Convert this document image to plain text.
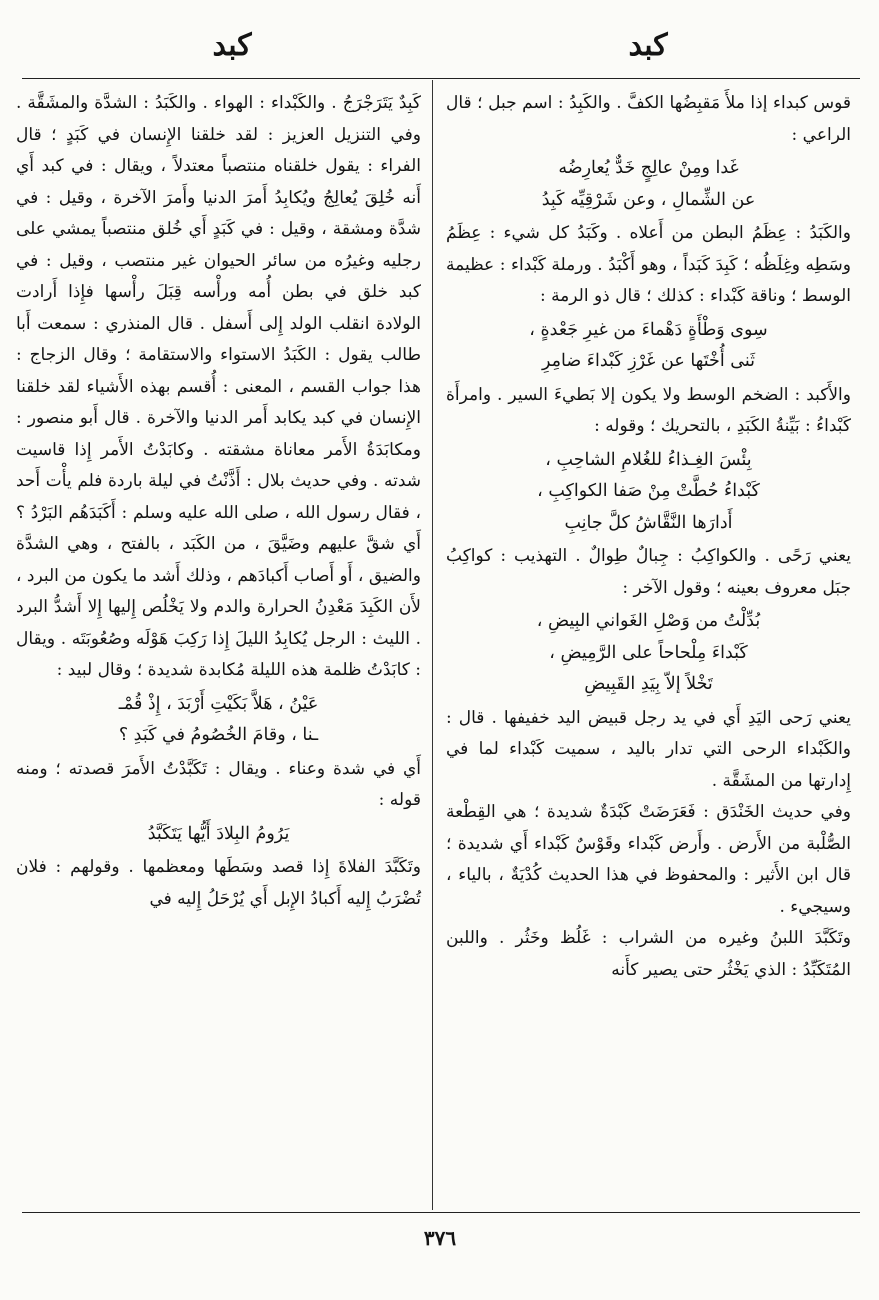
كبد
كبد

قوس كبداء إذا ملأَ مَقبِضُها الكفَّ . والكَبِدُ : اسم جبل ؛ قال الراعي :

غَدا ومِنْ عالِجٍ خَدٌّ يُعارِضُه
عن الشِّمالِ ، وعن شَرْقِيِّه كَبِدُ

والكَبَدُ : عِظَمُ البطن من أَعلاه . وكَبَدُ كل شيء : عِظَمُ وسَطِه وغِلَظُه ؛ كَبِدَ كَبَداً ، وهو أَكْبَدُ . ورملة كَبْداء : عظيمة الوسط ؛ وناقة كَبْداء : كذلك ؛ قال ذو الرمة :

سِوى وَطْأَةٍ دَهْماءَ من غيرِ جَعْدةٍ ،
ثَنى أُخْتَها عن غَرْزِ كَبْداءَ ضامِرِ

والأَكبد : الضخم الوسط ولا يكون إلا بَطيءَ السير . وامرأَة كَبْداءُ : بَيِّنةُ الكَبَدِ ، بالتحريك ؛ وقوله :

بِئْسَ الغِـذاءُ للغُلامِ الشاحِبِ ،
كَبْداءُ حُطَّتْ مِنْ صَفا الكواكِبِ ،
أَدارَها النَّقَّاشُ كلَّ جانِبِ

يعني رَحًى . والكواكِبُ : جِبالٌ طِوالٌ . التهذيب : كواكِبُ جبَل معروف بعينه ؛ وقول الآخر :

بُدِّلْتُ من وَصْلِ الغَواني البِيضِ ،
كَبْداءَ مِلْحاحاً على الرَّمِيضِ ،
تَخْلاً إلاّ بِيَدِ القَبِيضِ

يعني رَحى اليَدِ أَي في يد رجل قبيض اليد خفيفها . قال : والكَبْداء الرحى التي تدار باليد ، سميت كَبْداء لما في إِدارتها من المشَقَّة .

وفي حديث الخَنْدَق : فَعَرَضَتْ كَبْدَةٌ شديدة ؛ هي القِطْعة الصُّلْبة من الأَرض . وأَرض كَبْداء وقَوْسٌ كَبْداء أَي شديدة ؛ قال ابن الأَثير : والمحفوظ في هذا الحديث كُدْيَةٌ ، بالياء ، وسيجيء .

وتَكَبَّدَ اللبنُ وغيره من الشراب : غَلُظ وخَثُر . واللبن المُتَكَبِّدُ : الذي يَخْثُر حتى يصير كأَنه

كَبِدٌ يَتَرَجْرَجُ . والكَبْداء : الهواء . والكَبَدُ : الشدَّة والمشَقَّة . وفي التنزيل العزيز : لقد خلقنا الإِنسان في كَبَدٍ ؛ قال الفراء : يقول خلقناه منتصباً معتدلاً ، ويقال : في كبد أَي أَنه خُلِقَ يُعالِجُ ويُكابِدُ أَمرَ الدنيا وأَمرَ الآخرة ، وقيل : في شدَّة ومشقة ، وقيل : في كَبَدٍ أَي خُلق منتصباً يمشي على رجليه وغيرُه من سائر الحيوان غير منتصب ، وقيل : في كبد خلق في بطن أُمه ورأْسه قِبَلَ رأْسها فإِذا أَرادت الولادة انقلب الولد إِلى أَسفل . قال المنذري : سمعت أَبا طالب يقول : الكَبَدُ الاستواء والاستقامة ؛ وقال الزجاج : هذا جواب القسم ، المعنى : أُقسم بهذه الأَشياء لقد خلقنا الإِنسان في كبد يكابد أَمر الدنيا والآخرة . قال أَبو منصور : ومكابَدَةُ الأَمر معاناة مشقته . وكابَدْتُ الأَمر إِذا قاسيت شدته . وفي حديث بلال : أَذَّنْتُ في ليلة باردة فلم يأْت أَحد ، فقال رسول الله ، صلى الله عليه وسلم : أَكَبَدَهُم البَرْدُ ؟ أَي شقَّ عليهم وضَيَّقَ ، من الكَبَد ، بالفتح ، وهي الشدَّة والضيق ، أَو أَصاب أَكبادَهم ، وذلك أَشد ما يكون من البرد ، لأَن الكَبِدَ مَعْدِنُ الحرارة والدم ولا يَخْلُص إِليها إِلا أَشدُّ البرد . الليث : الرجل يُكابِدُ الليلَ إِذا رَكِبَ هَوْلَه وصُعُوبَتَه . ويقال : كابَدْتُ ظلمة هذه الليلة مُكابدة شديدة ؛ وقال لبيد :

عَيْنُ ، هَلاَّ بَكَيْتِ أَرْبَدَ ، إِذْ قُمْـ
ـنا ، وقامَ الخُصُومُ في كَبَدِ ؟

أَي في شدة وعناء . ويقال : تَكَبَّدْتُ الأَمرَ قصدته ؛ ومنه قوله :

يَرُومُ البِلادَ أَيُّها يَتَكَبَّدُ

وتَكَبَّدَ الفلاةَ إِذا قصد وسَطَها ومعظمها . وقولهم : فلان تُضْرَبُ إِليه أَكبادُ الإِبل أَي يُرْحَلُ إِليه في

٣٧٦
